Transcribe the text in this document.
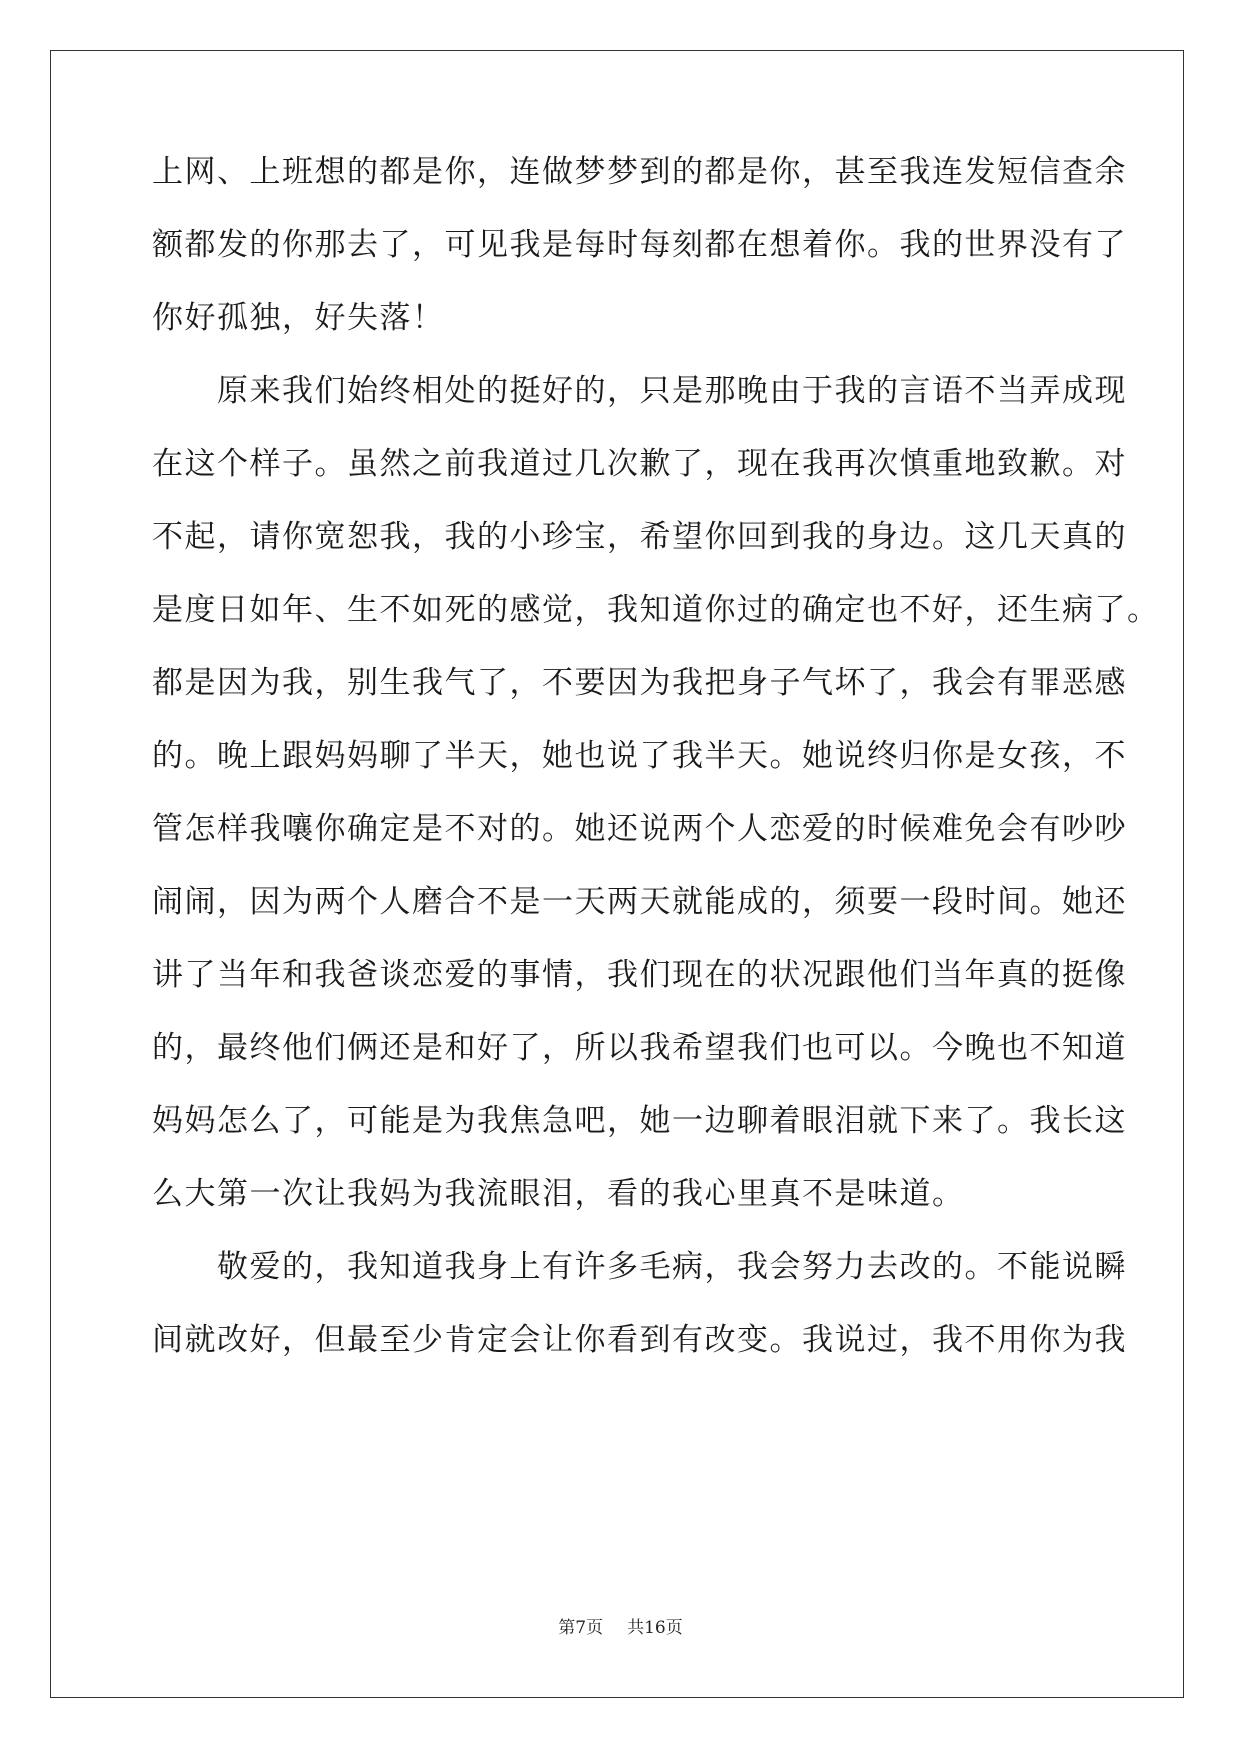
上网、上班想的都是你，连做梦梦到的都是你，甚至我连发短信查余
额都发的你那去了，可见我是每时每刻都在想着你。我的世界没有了
你好孤独，好失落！
　　原来我们始终相处的挺好的，只是那晚由于我的言语不当弄成现
在这个样子。虽然之前我道过几次歉了，现在我再次慎重地致歉。对
不起，请你宽恕我，我的小珍宝，希望你回到我的身边。这几天真的
是度日如年、生不如死的感觉，我知道你过的确定也不好，还生病了。
都是因为我，别生我气了，不要因为我把身子气坏了，我会有罪恶感
的。晚上跟妈妈聊了半天，她也说了我半天。她说终归你是女孩，不
管怎样我嚷你确定是不对的。她还说两个人恋爱的时候难免会有吵吵
闹闹，因为两个人磨合不是一天两天就能成的，须要一段时间。她还
讲了当年和我爸谈恋爱的事情，我们现在的状况跟他们当年真的挺像
的，最终他们俩还是和好了，所以我希望我们也可以。今晚也不知道
妈妈怎么了，可能是为我焦急吧，她一边聊着眼泪就下来了。我长这
么大第一次让我妈为我流眼泪，看的我心里真不是味道。
　　敬爱的，我知道我身上有许多毛病，我会努力去改的。不能说瞬
间就改好，但最至少肯定会让你看到有改变。我说过，我不用你为我
第7页 共16页
